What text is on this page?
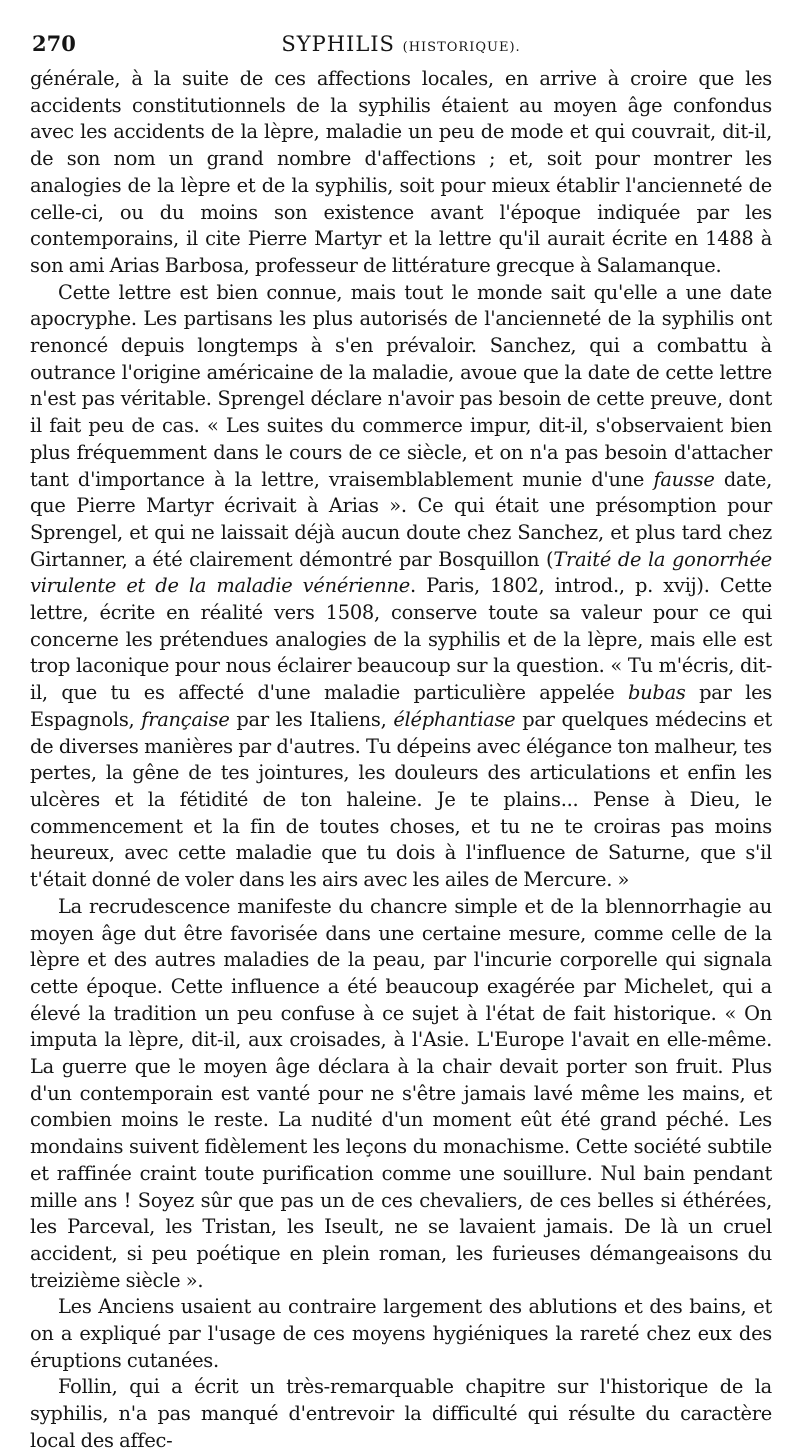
270	SYPHILIS (HISTORIQUE).

générale, à la suite de ces affections locales, en arrive à croire que les accidents constitutionnels de la syphilis étaient au moyen âge confondus avec les accidents de la lèpre, maladie un peu de mode et qui couvrait, dit-il, de son nom un grand nombre d'affections ; et, soit pour montrer les analogies de la lèpre et de la syphilis, soit pour mieux établir l'ancienneté de celle-ci, ou du moins son existence avant l'époque indiquée par les contemporains, il cite Pierre Martyr et la lettre qu'il aurait écrite en 1488 à son ami Arias Barbosa, professeur de littérature grecque à Salamanque.

Cette lettre est bien connue, mais tout le monde sait qu'elle a une date apocryphe. Les partisans les plus autorisés de l'ancienneté de la syphilis ont renoncé depuis longtemps à s'en prévaloir. Sanchez, qui a combattu à outrance l'origine américaine de la maladie, avoue que la date de cette lettre n'est pas véritable. Sprengel déclare n'avoir pas besoin de cette preuve, dont il fait peu de cas. « Les suites du commerce impur, dit-il, s'observaient bien plus fréquemment dans le cours de ce siècle, et on n'a pas besoin d'attacher tant d'importance à la lettre, vraisemblablement munie d'une fausse date, que Pierre Martyr écrivait à Arias ». Ce qui était une présomption pour Sprengel, et qui ne laissait déjà aucun doute chez Sanchez, et plus tard chez Girtanner, a été clairement démontré par Bosquillon (Traité de la gonorrhée virulente et de la maladie vénérienne. Paris, 1802, introd., p. xvij). Cette lettre, écrite en réalité vers 1508, conserve toute sa valeur pour ce qui concerne les prétendues analogies de la syphilis et de la lèpre, mais elle est trop laconique pour nous éclairer beaucoup sur la question. « Tu m'écris, dit-il, que tu es affecté d'une maladie particulière appelée bubas par les Espagnols, française par les Italiens, éléphantiase par quelques médecins et de diverses manières par d'autres. Tu dépeins avec élégance ton malheur, tes pertes, la gêne de tes jointures, les douleurs des articulations et enfin les ulcères et la fétidité de ton haleine. Je te plains... Pense à Dieu, le commencement et la fin de toutes choses, et tu ne te croiras pas moins heureux, avec cette maladie que tu dois à l'influence de Saturne, que s'il t'était donné de voler dans les airs avec les ailes de Mercure. »

La recrudescence manifeste du chancre simple et de la blennorrhagie au moyen âge dut être favorisée dans une certaine mesure, comme celle de la lèpre et des autres maladies de la peau, par l'incurie corporelle qui signala cette époque. Cette influence a été beaucoup exagérée par Michelet, qui a élevé la tradition un peu confuse à ce sujet à l'état de fait historique. « On imputa la lèpre, dit-il, aux croisades, à l'Asie. L'Europe l'avait en elle-même. La guerre que le moyen âge déclara à la chair devait porter son fruit. Plus d'un contemporain est vanté pour ne s'être jamais lavé même les mains, et combien moins le reste. La nudité d'un moment eût été grand péché. Les mondains suivent fidèlement les leçons du monachisme. Cette société subtile et raffinée craint toute purification comme une souillure. Nul bain pendant mille ans ! Soyez sûr que pas un de ces chevaliers, de ces belles si éthérées, les Parceval, les Tristan, les Iseult, ne se lavaient jamais. De là un cruel accident, si peu poétique en plein roman, les furieuses démangeaisons du treizième siècle ».

Les Anciens usaient au contraire largement des ablutions et des bains, et on a expliqué par l'usage de ces moyens hygiéniques la rareté chez eux des éruptions cutanées.

Follin, qui a écrit un très-remarquable chapitre sur l'historique de la syphilis, n'a pas manqué d'entrevoir la difficulté qui résulte du caractère local des affec-
